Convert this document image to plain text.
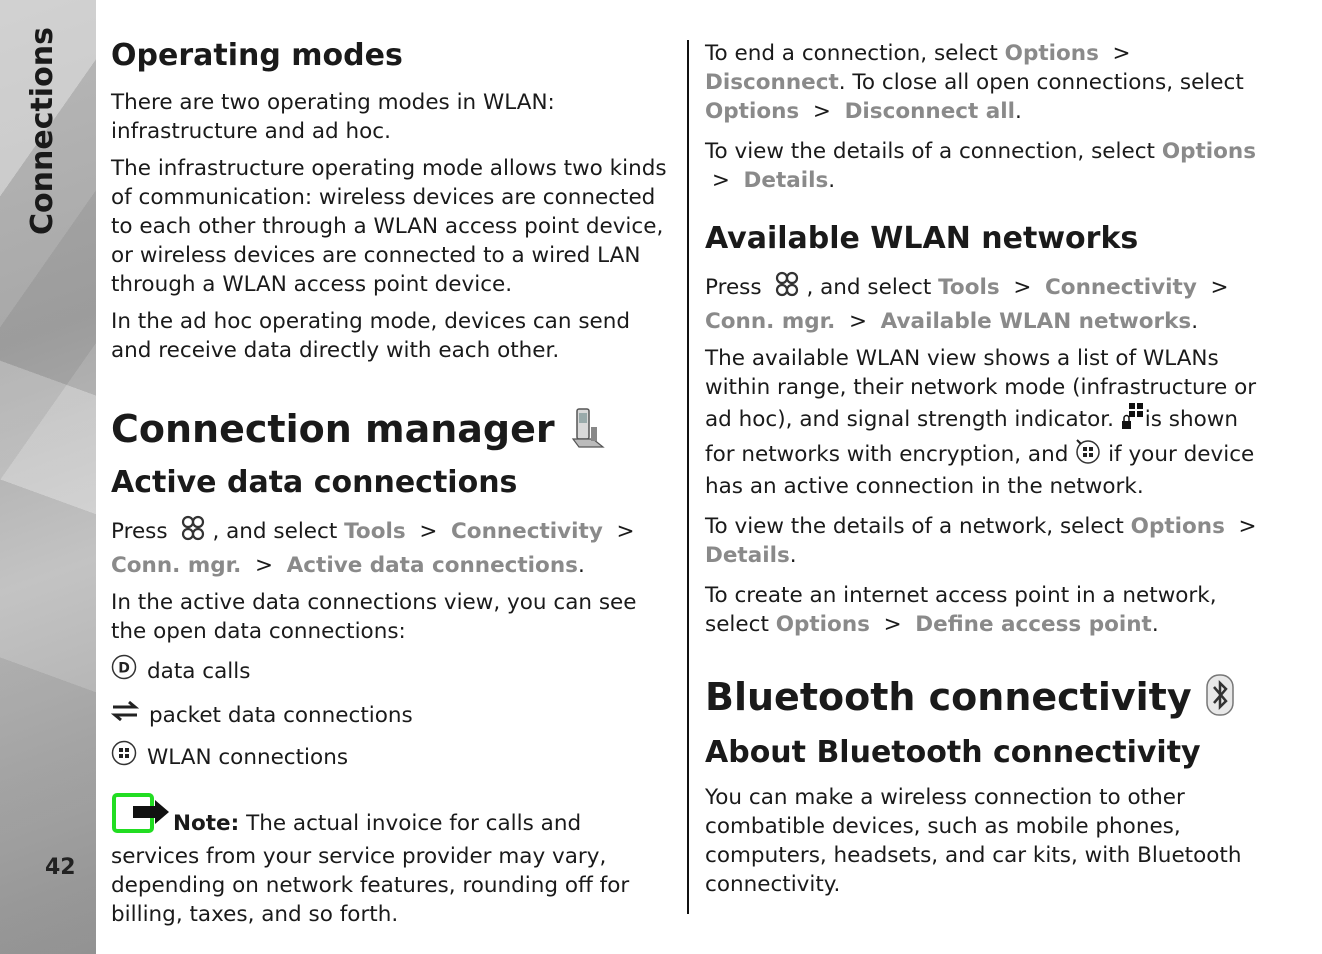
Connections
42
Operating modes

There are two operating modes in WLAN: infrastructure and ad hoc.

The infrastructure operating mode allows two kinds of communication: wireless devices are connected to each other through a WLAN access point device, or wireless devices are connected to a wired LAN through a WLAN access point device.

In the ad hoc operating mode, devices can send and receive data directly with each other.

Connection manager
Active data connections

Press , and select Tools > Connectivity >  Conn. mgr. > Active data connections.

In the active data connections view, you can see the open data connections:

D data calls
packet data connections
WLAN connections

Note: The actual invoice for calls and services from your service provider may vary, depending on network features, rounding off for billing, taxes, and so forth.

To end a connection, select Options >  Disconnect. To close all open connections, select Options > Disconnect all.

To view the details of a connection, select Options  > Details.

Available WLAN networks

Press , and select Tools > Connectivity >  Conn. mgr. > Available WLAN networks.

The available WLAN view shows a list of WLANs within range, their network mode (infrastructure or ad hoc), and signal strength indicator. is shown for networks with encryption, and if your device has an active connection in the network.

To view the details of a network, select Options >  Details.

To create an internet access point in a network, select Options > Define access point.

Bluetooth connectivity
About Bluetooth connectivity

You can make a wireless connection to other combatible devices, such as mobile phones, computers, headsets, and car kits, with Bluetooth connectivity.
